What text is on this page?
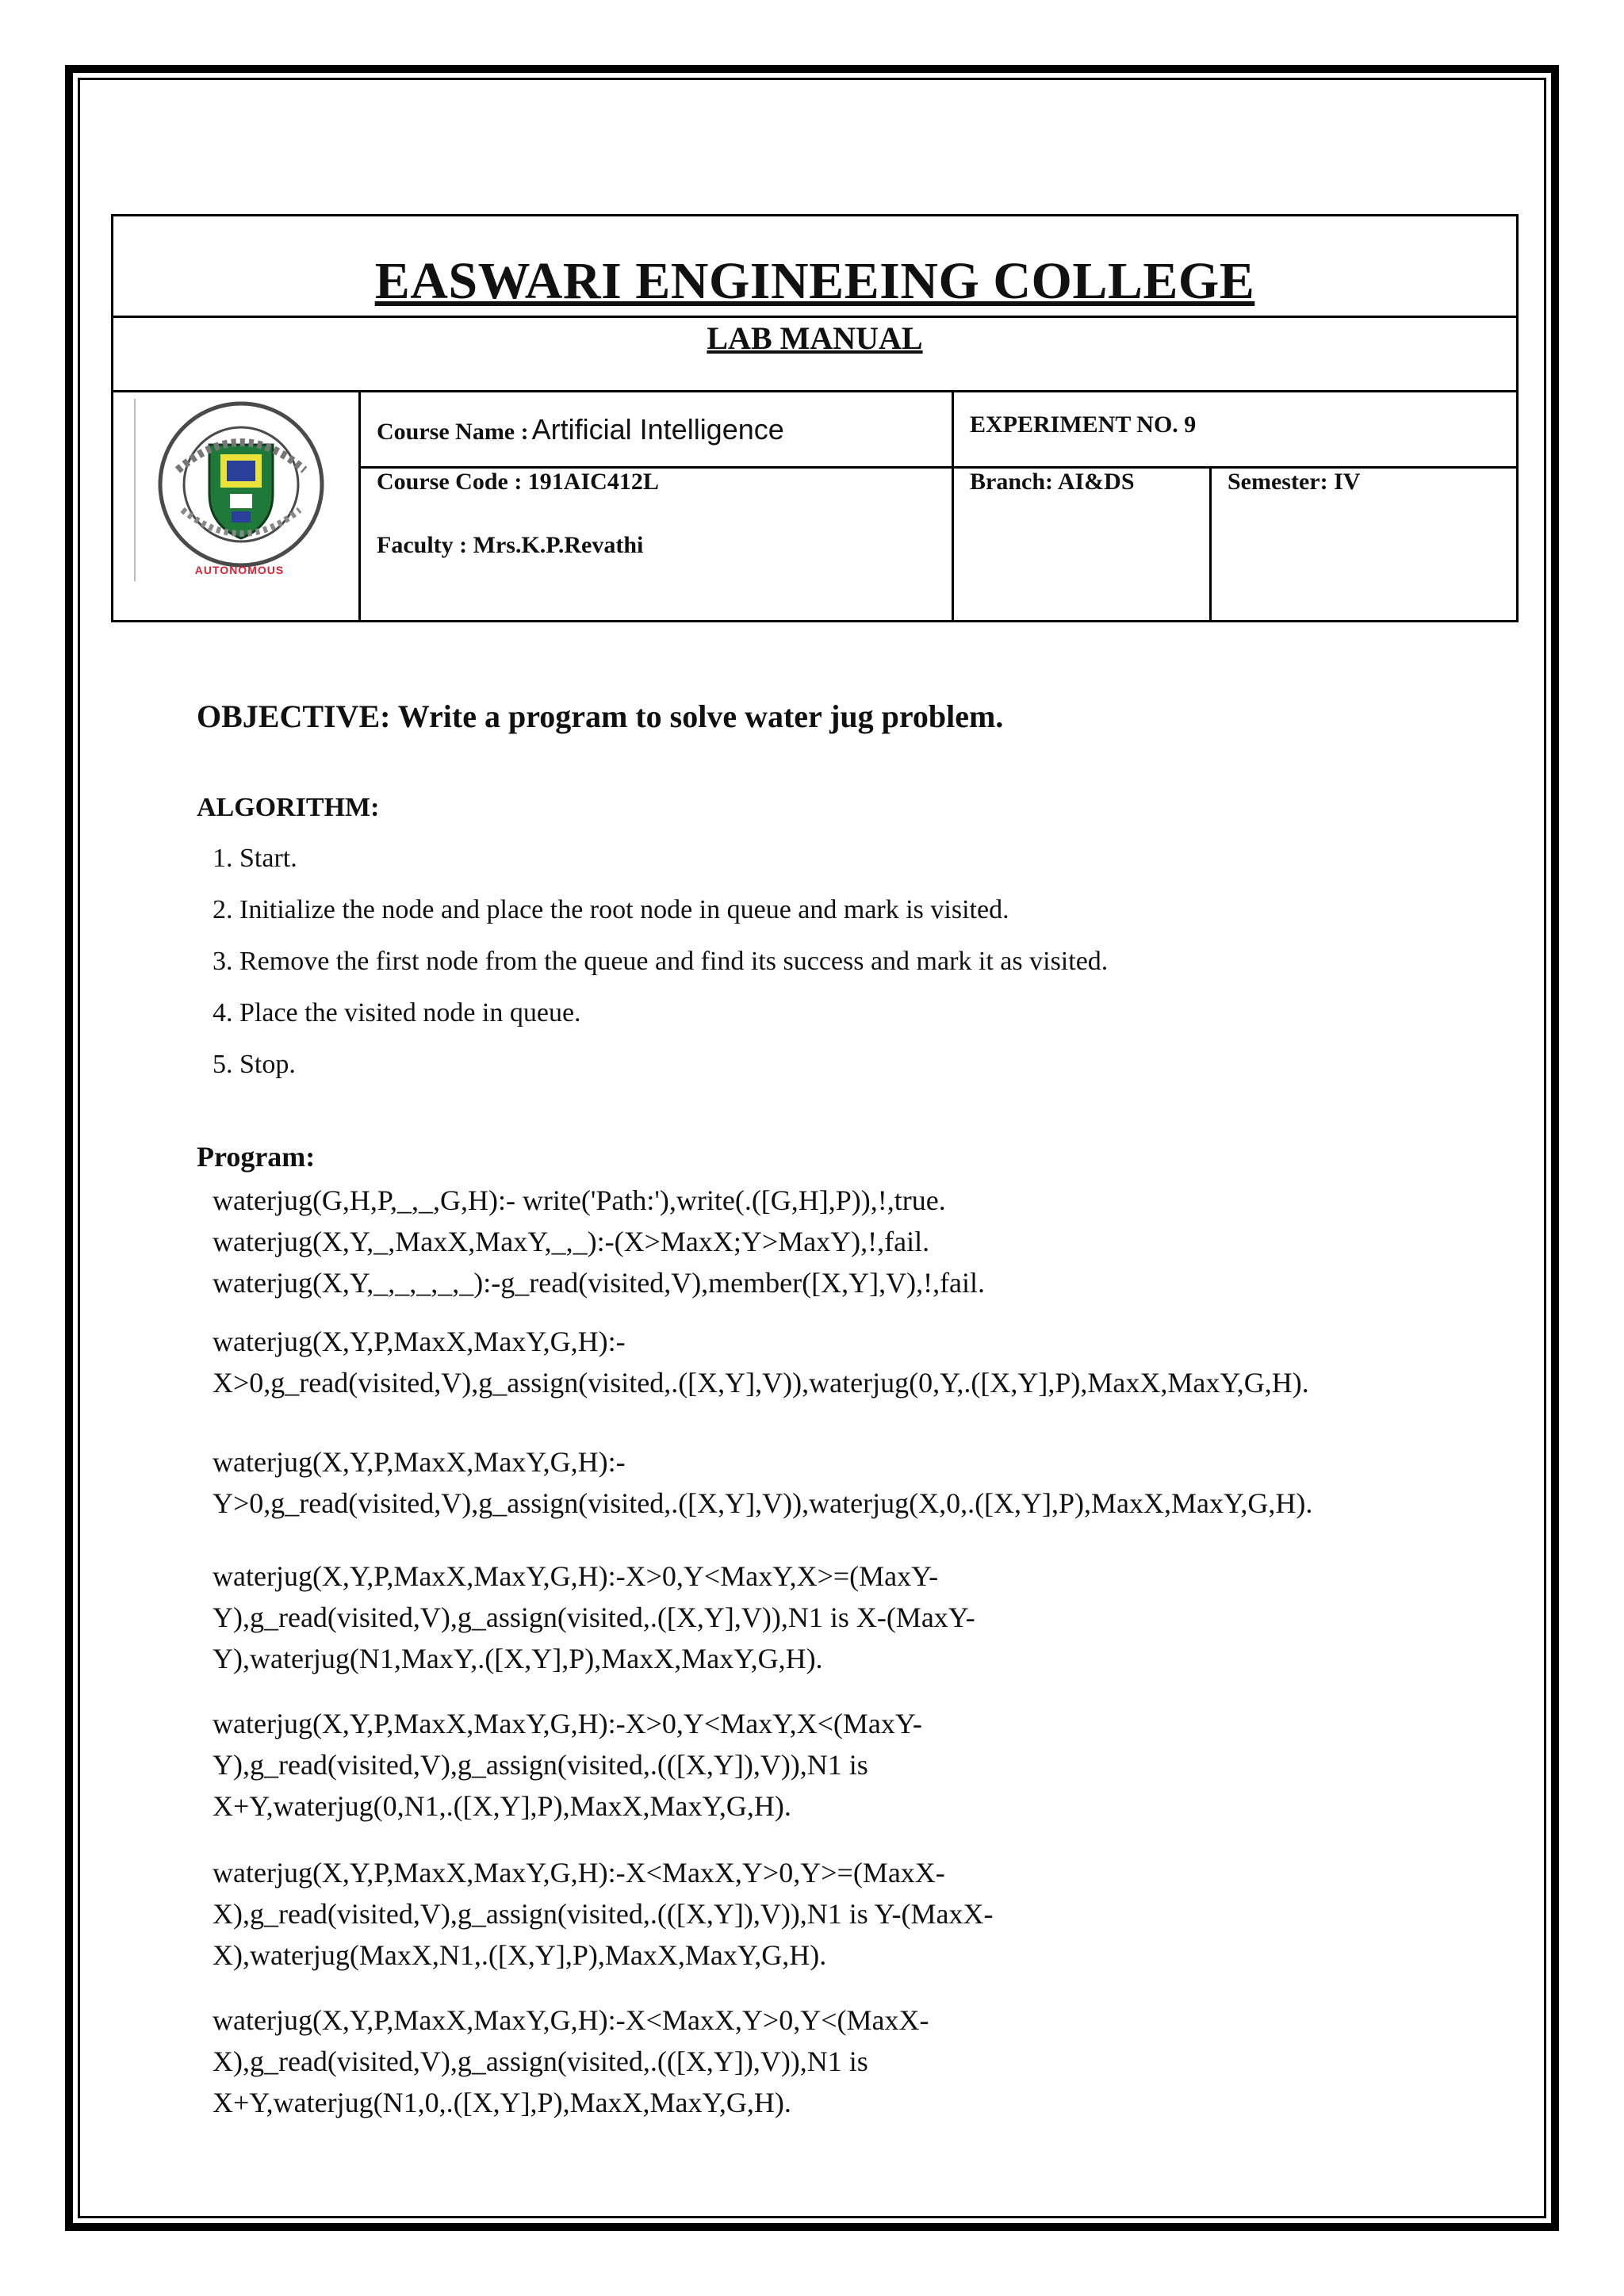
EASWARI ENGINEEING COLLEGE
LAB MANUAL
AUTONOMOUS
Course Name : Artificial Intelligence	EXPERIMENT NO. 9
Course Code : 191AIC412L
Faculty : Mrs.K.P.Revathi
Branch: AI&DS	Semester: IV
OBJECTIVE: Write a program to solve water jug problem.
ALGORITHM:
1. Start.
2. Initialize the node and place the root node in queue and mark is visited.
3. Remove the first node from the queue and find its success and mark it as visited.
4. Place the visited node in queue.
5. Stop.
Program:
waterjug(G,H,P,_,_,G,H):- write('Path:'),write(.([G,H],P)),!,true.
waterjug(X,Y,_,MaxX,MaxY,_,_):-(X>MaxX;Y>MaxY),!,fail.
waterjug(X,Y,_,_,_,_,_):-g_read(visited,V),member([X,Y],V),!,fail.
waterjug(X,Y,P,MaxX,MaxY,G,H):-
X>0,g_read(visited,V),g_assign(visited,.([X,Y],V)),waterjug(0,Y,.([X,Y],P),MaxX,MaxY,G,H).
waterjug(X,Y,P,MaxX,MaxY,G,H):-
Y>0,g_read(visited,V),g_assign(visited,.([X,Y],V)),waterjug(X,0,.([X,Y],P),MaxX,MaxY,G,H).
waterjug(X,Y,P,MaxX,MaxY,G,H):-X>0,Y<MaxY,X>=(MaxY-
Y),g_read(visited,V),g_assign(visited,.([X,Y],V)),N1 is X-(MaxY-
Y),waterjug(N1,MaxY,.([X,Y],P),MaxX,MaxY,G,H).
waterjug(X,Y,P,MaxX,MaxY,G,H):-X>0,Y<MaxY,X<(MaxY-
Y),g_read(visited,V),g_assign(visited,.(([X,Y]),V)),N1 is
X+Y,waterjug(0,N1,.([X,Y],P),MaxX,MaxY,G,H).
waterjug(X,Y,P,MaxX,MaxY,G,H):-X<MaxX,Y>0,Y>=(MaxX-
X),g_read(visited,V),g_assign(visited,.(([X,Y]),V)),N1 is Y-(MaxX-
X),waterjug(MaxX,N1,.([X,Y],P),MaxX,MaxY,G,H).
waterjug(X,Y,P,MaxX,MaxY,G,H):-X<MaxX,Y>0,Y<(MaxX-
X),g_read(visited,V),g_assign(visited,.(([X,Y]),V)),N1 is
X+Y,waterjug(N1,0,.([X,Y],P),MaxX,MaxY,G,H).
